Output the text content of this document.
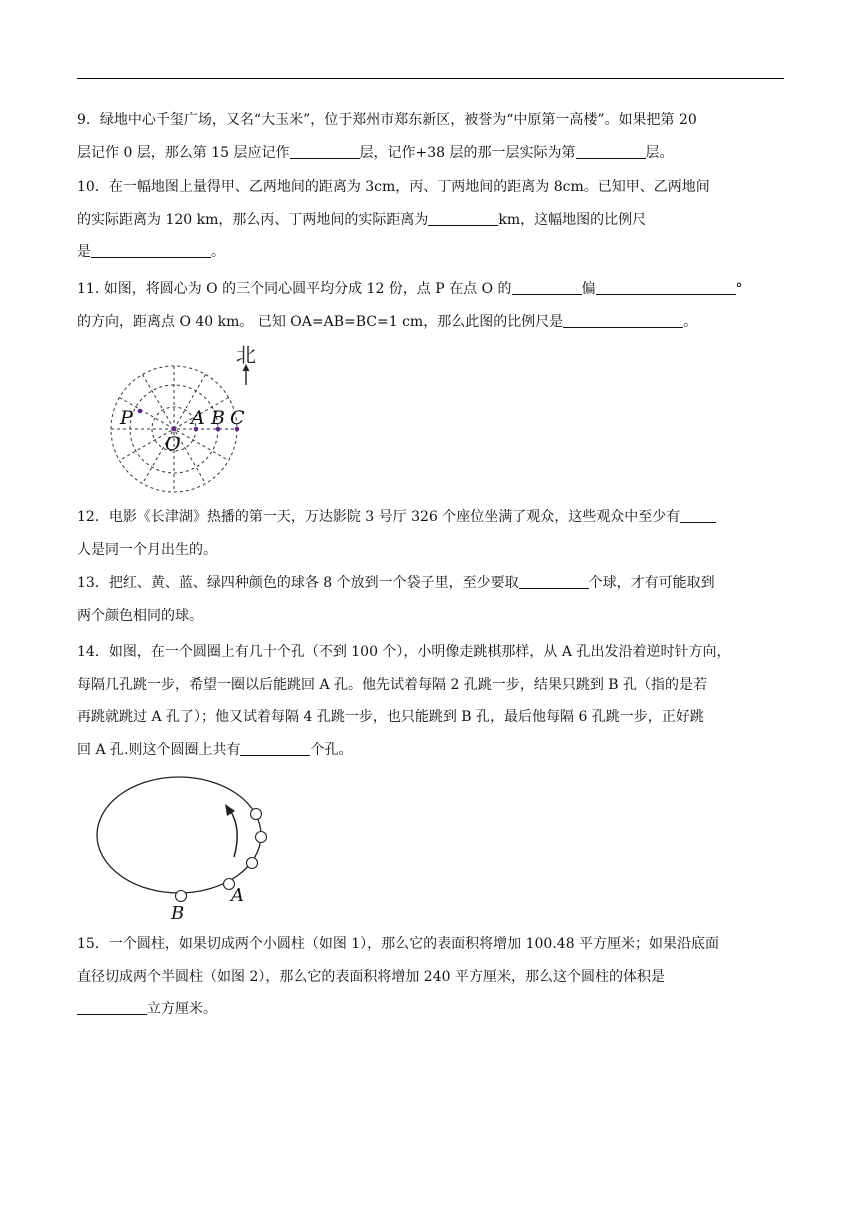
9．绿地中心千玺广场，又名“大玉米”，位于郑州市郑东新区，被誉为“中原第一高楼”。如果把第 20

层记作 0 层，那么第 15 层应记作	层，记作+38 层的那一层实际为第	层。

10．在一幅地图上量得甲、乙两地间的距离为 3cm，丙、丁两地间的距离为 8cm。已知甲、乙两地间

的实际距离为 120 km，那么丙、丁两地间的实际距离为	km，这幅地图的比例尺

是	。

11. 如图，将圆心为 O 的三个同心圆平均分成 12 份，点 P 在点 O 的	偏	°

的方向，距离点 O 40 km。 已知 OA=AB=BC=1 cm，那么此图的比例尺是	。

北
P	A B C
O

12．电影《长津湖》热播的第一天，万达影院 3 号厅 326 个座位坐满了观众，这些观众中至少有

人是同一个月出生的。

13．把红、黄、蓝、绿四种颜色的球各 8 个放到一个袋子里，至少要取	个球，才有可能取到

两个颜色相同的球。

14．如图，在一个圆圈上有几十个孔（不到 100 个），小明像走跳棋那样，从 A 孔出发沿着逆时针方向，

每隔几孔跳一步，希望一圈以后能跳回 A 孔。他先试着每隔 2 孔跳一步，结果只跳到 B 孔（指的是若

再跳就跳过 A 孔了）；他又试着每隔 4 孔跳一步，也只能跳到 B 孔，最后他每隔 6 孔跳一步，正好跳

回 A 孔.则这个圆圈上共有	个孔。

A
B

15．一个圆柱，如果切成两个小圆柱（如图 1），那么它的表面积将增加 100.48 平方厘米；如果沿底面

直径切成两个半圆柱（如图 2），那么它的表面积将增加 240 平方厘米，那么这个圆柱的体积是

立方厘米。
